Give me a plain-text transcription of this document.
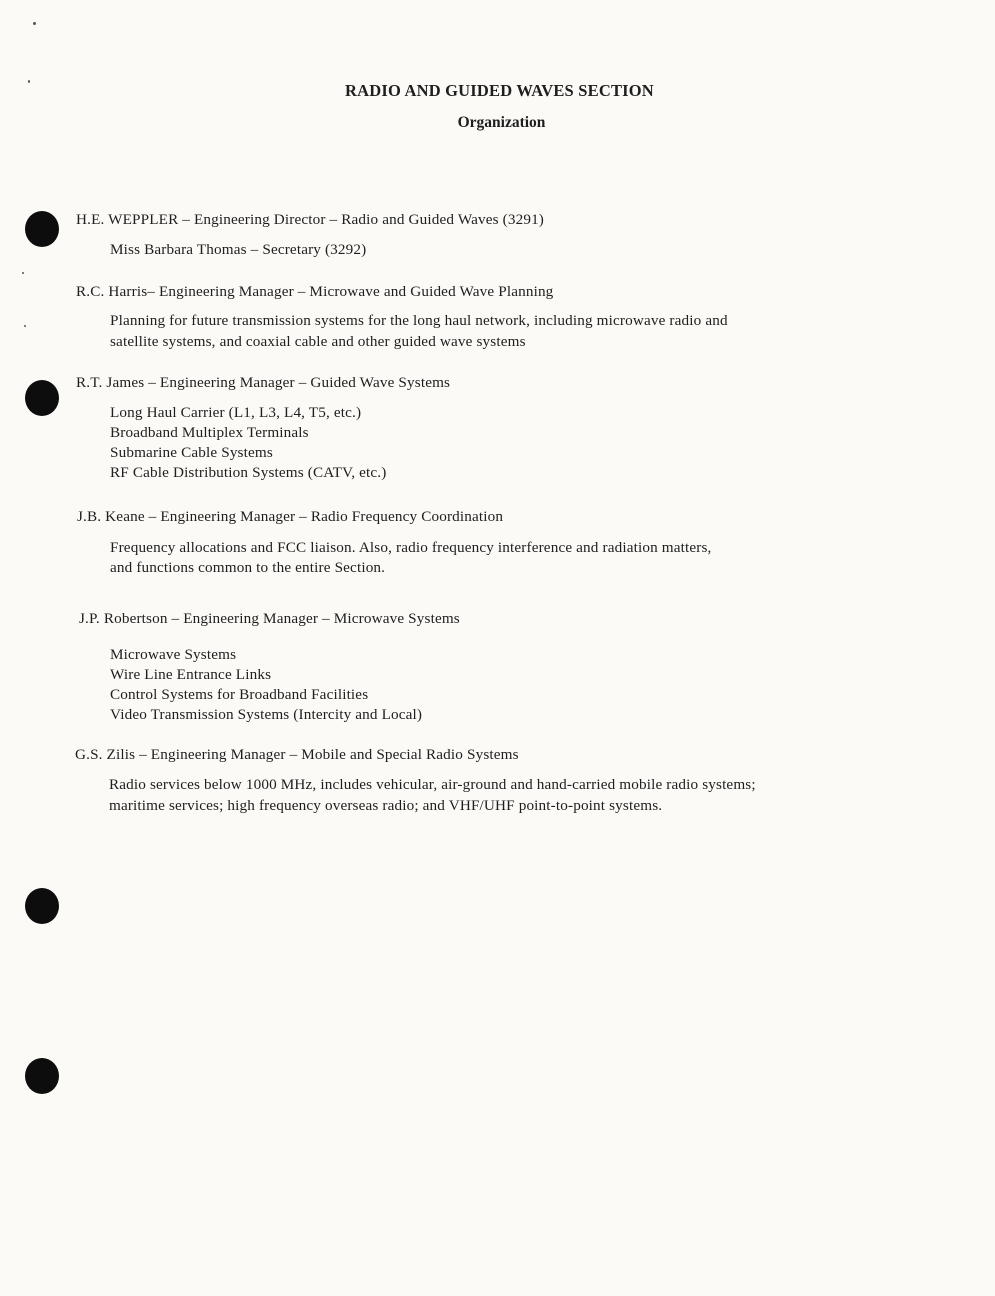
RADIO AND GUIDED WAVES SECTION
Organization
H.E. WEPPLER – Engineering Director – Radio and Guided Waves (3291)
Miss Barbara Thomas – Secretary (3292)
R.C. Harris– Engineering Manager – Microwave and Guided Wave Planning
Planning for future transmission systems for the long haul network, including microwave radio and
satellite systems, and coaxial cable and other guided wave systems
R.T. James – Engineering Manager – Guided Wave Systems
Long Haul Carrier (L1, L3, L4, T5, etc.)
Broadband Multiplex Terminals
Submarine Cable Systems
RF Cable Distribution Systems (CATV, etc.)
J.B. Keane – Engineering Manager – Radio Frequency Coordination
Frequency allocations and FCC liaison. Also, radio frequency interference and radiation matters,
and functions common to the entire Section.
J.P. Robertson – Engineering Manager – Microwave Systems
Microwave Systems
Wire Line Entrance Links
Control Systems for Broadband Facilities
Video Transmission Systems (Intercity and Local)
G.S. Zilis – Engineering Manager – Mobile and Special Radio Systems
Radio services below 1000 MHz, includes vehicular, air-ground and hand-carried mobile radio systems;
maritime services; high frequency overseas radio; and VHF/UHF point-to-point systems.
